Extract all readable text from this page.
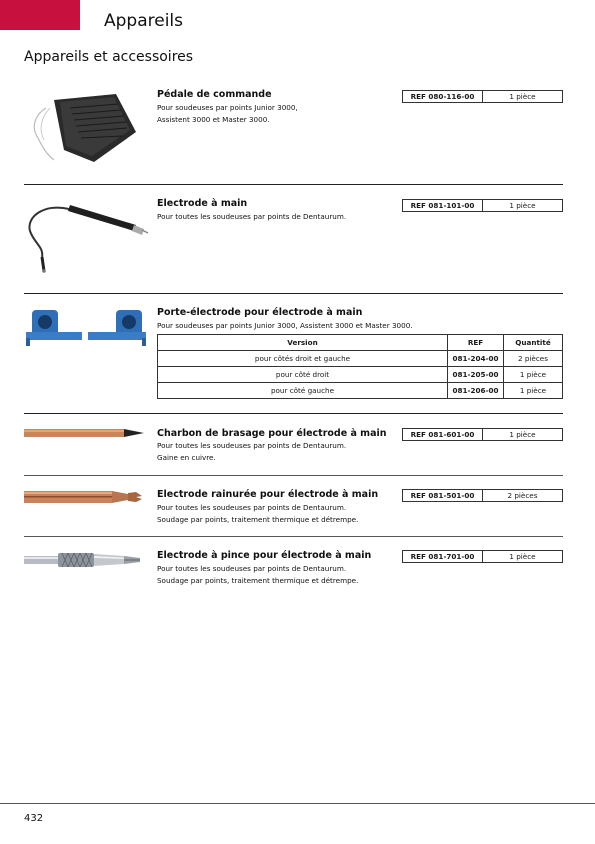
Appareils
Appareils et accessoires
Pédale de commande
Pour soudeuses par points Junior 3000,
Assistent 3000 et Master 3000.
REF 080-116-00	1 pièce
Electrode à main
Pour toutes les soudeuses par points de Dentaurum.
REF 081-101-00	1 pièce
Porte-électrode pour électrode à main
Pour soudeuses par points Junior 3000, Assistent 3000 et Master 3000.
Version	REF	Quantité
pour côtés droit et gauche	081-204-00	2 pièces
pour côté droit	081-205-00	1 pièce
pour côté gauche	081-206-00	1 pièce
Charbon de brasage pour électrode à main
Pour toutes les soudeuses par points de Dentaurum.
Gaine en cuivre.
REF 081-601-00	1 pièce
Electrode rainurée pour électrode à main
Pour toutes les soudeuses par points de Dentaurum.
Soudage par points, traitement thermique et détrempe.
REF 081-501-00	2 pièces
Electrode à pince pour électrode à main
Pour toutes les soudeuses par points de Dentaurum.
Soudage par points, traitement thermique et détrempe.
REF 081-701-00	1 pièce
432
